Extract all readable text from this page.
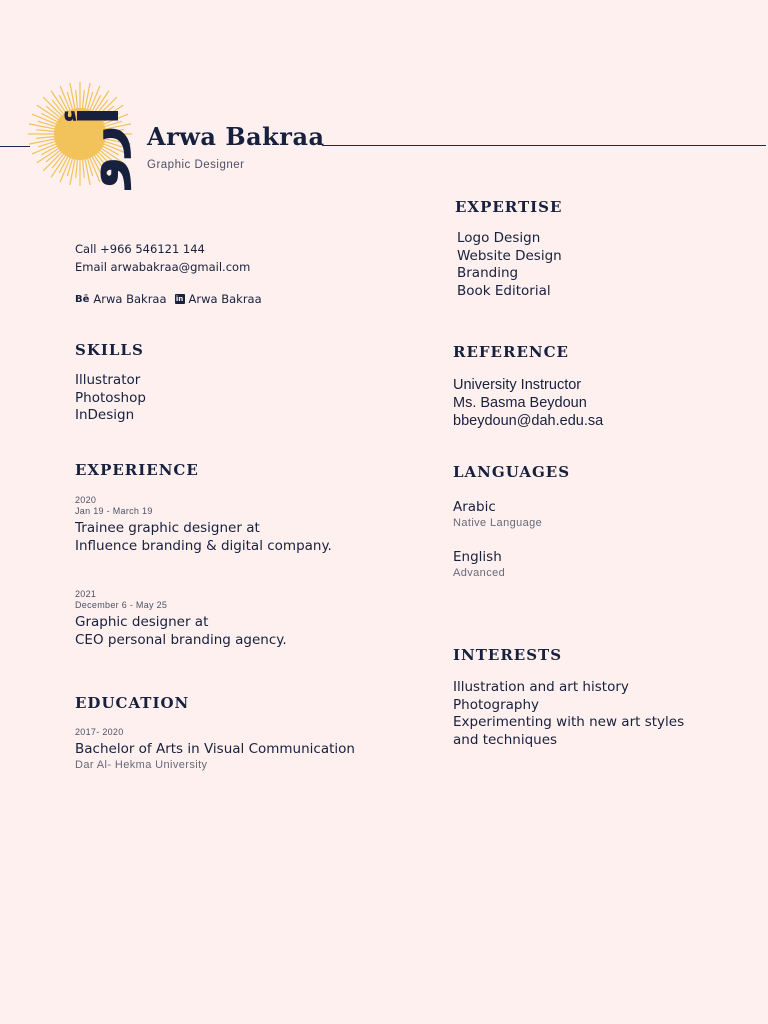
أرو Arwa Bakraa
Graphic Designer
Call +966 546121 144
Email arwabakraa@gmail.com
Bē Arwa Bakraa in Arwa Bakraa
SKILLS
Illustrator
Photoshop
InDesign
EXPERIENCE
2020
Jan 19 - March 19
Trainee graphic designer at
Influence branding & digital company.
2021
December 6 - May 25
Graphic designer at
CEO personal branding agency.
EDUCATION
2017- 2020
Bachelor of Arts in Visual Communication
Dar Al- Hekma University
EXPERTISE
Logo Design
Website Design
Branding
Book Editorial
REFERENCE
University Instructor
Ms. Basma Beydoun
bbeydoun@dah.edu.sa
LANGUAGES
Arabic
Native Language
English
Advanced
INTERESTS
Illustration and art history
Photography
Experimenting with new art styles
and techniques
